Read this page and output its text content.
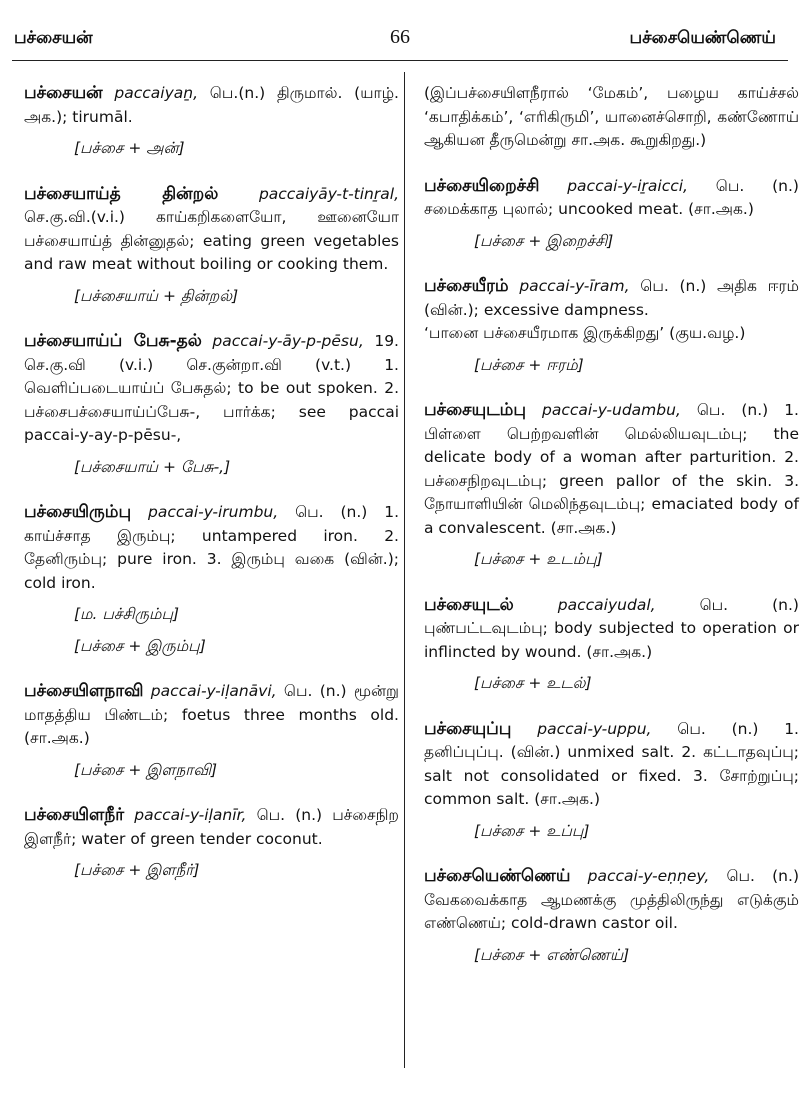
பச்சையன்	66	பச்சையெண்ணெய்

பச்சையன் paccaiyaṉ, பெ.(n.) திருமால். (யாழ். அக.); tirumāl.

[பச்சை + அன்]

பச்சையாய்த் தின்றல்	paccaiyāy-t-tinṟal, செ.கு.வி.(v.i.) காய்கறிகளையோ, ஊனையோ பச்சையாய்த் தின்னுதல்; eating green vegetables and raw meat without boiling or cooking them.

[பச்சையாய் + தின்றல்]

பச்சையாய்ப் பேசு-தல் paccai-y-āy-p-pēsu, 19. செ.கு.வி (v.i.) செ.குன்றா.வி (v.t.) 1. வெளிப்படையாய்ப் பேசுதல்; to be out spoken. 2. பச்சைபச்சையாய்ப்பேசு-, பார்க்க; see paccai paccai-y-ay-p-pēsu-,

[பச்சையாய் + பேசு-,]

பச்சையிரும்பு paccai-y-irumbu, பெ. (n.) 1. காய்ச்சாத இரும்பு; untampered iron. 2. தேனிரும்பு; pure iron. 3. இரும்பு வகை (வின்.); cold iron.

[ம. பச்சிரும்பு]
[பச்சை + இரும்பு]

பச்சையிளநாவி paccai-y-iḷanāvi, பெ. (n.) மூன்று மாதத்திய பிண்டம்; foetus three months old. (சா.அக.)

[பச்சை + இளநாவி]

பச்சையிளநீர் paccai-y-iḷanīr, பெ. (n.) பச்சைநிற இளநீர்; water of green tender coconut.

[பச்சை + இளநீர்]

(இப்பச்சையிளநீரால் ‘மேகம்’, பழைய காய்ச்சல் ‘கபாதிக்கம்’, ‘எரிகிருமி’, யானைச்சொறி, கண்ணோய் ஆகியன தீருமென்று சா.அக. கூறுகிறது.)

பச்சையிறைச்சி paccai-y-iṟaicci, பெ. (n.) சமைக்காத புலால்; uncooked meat. (சா.அக.)

[பச்சை + இறைச்சி]

பச்சையீரம் paccai-y-īram, பெ. (n.) அதிக ஈரம் (வின்.); excessive dampness.

‘பானை பச்சையீரமாக இருக்கிறது’ (குய.வழ.)

[பச்சை + ஈரம்]

பச்சையுடம்பு paccai-y-udambu, பெ. (n.) 1. பிள்ளை பெற்றவளின் மெல்லியவுடம்பு; the delicate body of a woman after parturition. 2. பச்சைநிறவுடம்பு; green pallor of the skin. 3. நோயாளியின் மெலிந்தவுடம்பு; emaciated body of a convalescent. (சா.அக.)

[பச்சை + உடம்பு]

பச்சையுடல்	paccaiyudal,	பெ. (n.) புண்பட்டவுடம்பு; body subjected to operation or inflincted by wound. (சா.அக.)

[பச்சை + உடல்]

பச்சையுப்பு paccai-y-uppu, பெ. (n.) 1. தனிப்புப்பு. (வின்.) unmixed salt. 2. கட்டாதவுப்பு; salt not consolidated or fixed. 3. சோற்றுப்பு; common salt. (சா.அக.)

[பச்சை + உப்பு]

பச்சையெண்ணெய் paccai-y-eṇṇey, பெ. (n.) வேகவைக்காத ஆமணக்கு முத்திலிருந்து எடுக்கும் எண்ணெய்; cold-drawn castor oil.

[பச்சை + எண்ணெய்]
